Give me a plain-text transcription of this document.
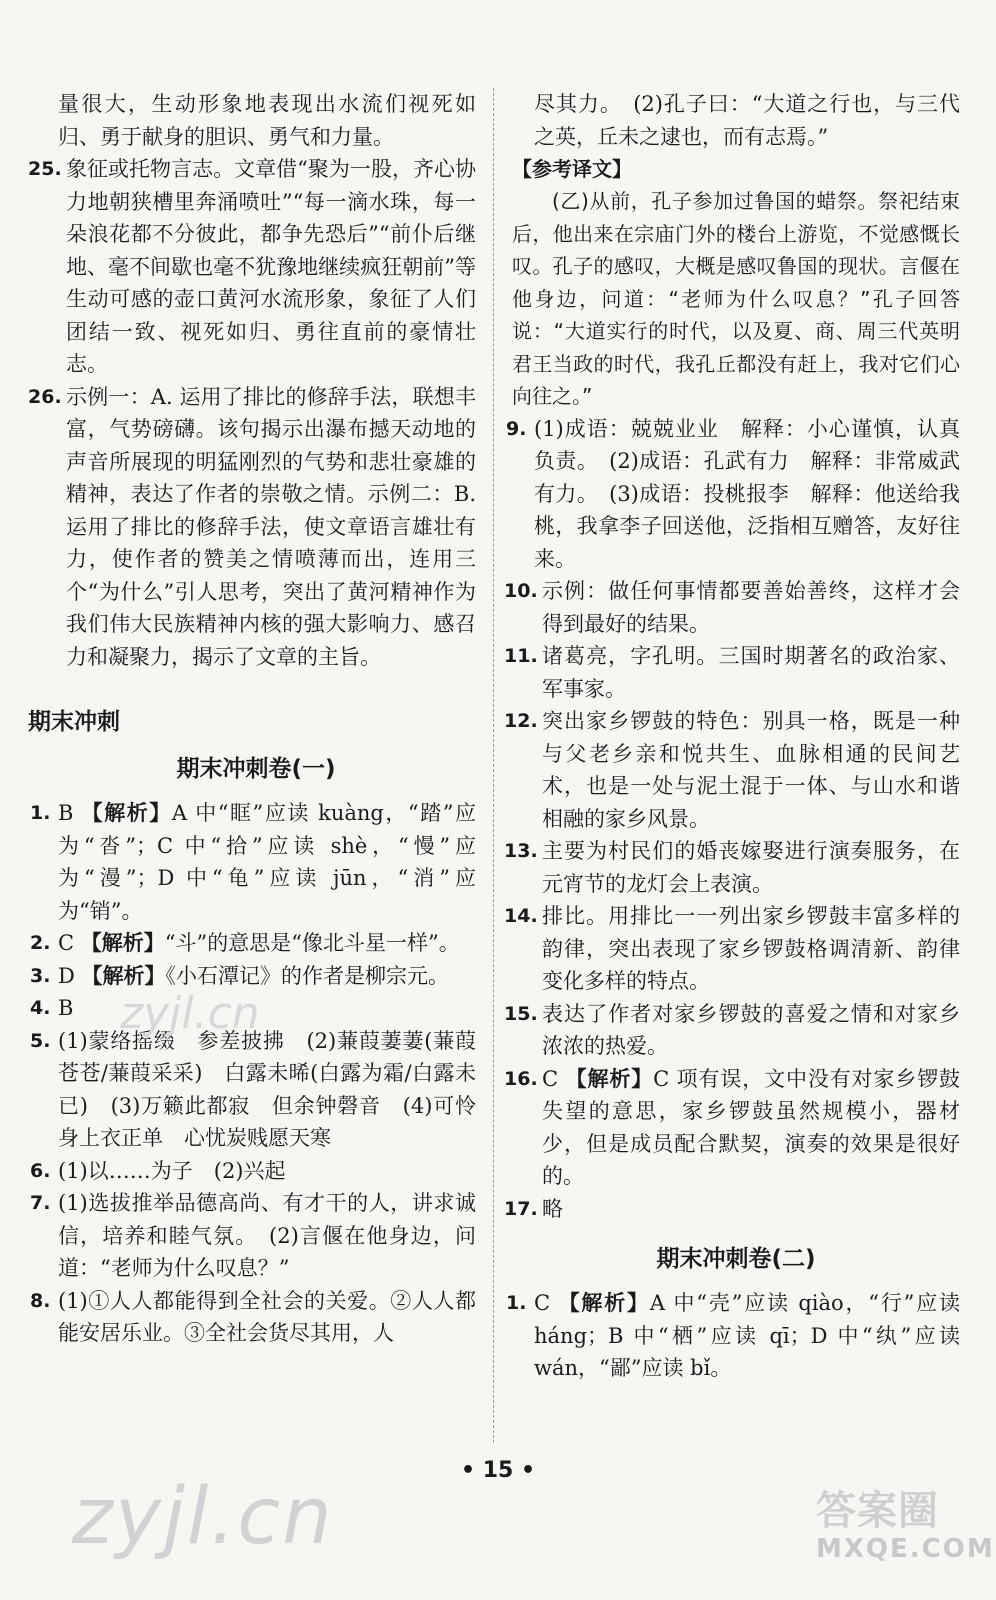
量很大，生动形象地表现出水流们视死如归、勇于献身的胆识、勇气和力量。

25. 象征或托物言志。文章借“聚为一股，齐心协力地朝狭槽里奔涌喷吐”“每一滴水珠，每一朵浪花都不分彼此，都争先恐后”“前仆后继地、毫不间歇也毫不犹豫地继续疯狂朝前”等生动可感的壶口黄河水流形象，象征了人们团结一致、视死如归、勇往直前的豪情壮志。
26. 示例一：A. 运用了排比的修辞手法，联想丰富，气势磅礴。该句揭示出瀑布撼天动地的声音所展现的明猛刚烈的气势和悲壮豪雄的精神，表达了作者的崇敬之情。示例二：B. 运用了排比的修辞手法，使文章语言雄壮有力，使作者的赞美之情喷薄而出，连用三个“为什么”引人思考，突出了黄河精神作为我们伟大民族精神内核的强大影响力、感召力和凝聚力，揭示了文章的主旨。
期末冲刺
期末冲刺卷(一)
1. B 【解析】A 中“眶”应读 kuàng，“踏”应为“沓”；C 中“拾”应读 shè，“慢”应为“漫”；D 中“龟”应读 jūn，“消”应为“销”。
2. C 【解析】“斗”的意思是“像北斗星一样”。
3. D 【解析】《小石潭记》的作者是柳宗元。
4. B
5. (1)蒙络摇缀　参差披拂　(2)蒹葭萋萋(蒹葭苍苍/蒹葭采采)　白露未晞(白露为霜/白露未已)　(3)万籁此都寂　但余钟磬音　(4)可怜身上衣正单　心忧炭贱愿天寒
6. (1)以……为子　(2)兴起
7. (1)选拔推举品德高尚、有才干的人，讲求诚信，培养和睦气氛。　(2)言偃在他身边，问道：“老师为什么叹息？”
8. (1)①人人都能得到全社会的关爱。②人人都能安居乐业。③全社会货尽其用，人

尽其力。　(2)孔子曰：“大道之行也，与三代之英，丘未之逮也，而有志焉。”

【参考译文】

(乙)从前，孔子参加过鲁国的蜡祭。祭祀结束后，他出来在宗庙门外的楼台上游览，不觉感慨长叹。孔子的感叹，大概是感叹鲁国的现状。言偃在他身边，问道：“老师为什么叹息？”孔子回答说：“大道实行的时代，以及夏、商、周三代英明君王当政的时代，我孔丘都没有赶上，我对它们心向往之。”

9. (1)成语：兢兢业业　解释：小心谨慎，认真负责。　(2)成语：孔武有力　解释：非常威武有力。　(3)成语：投桃报李　解释：他送给我桃，我拿李子回送他，泛指相互赠答，友好往来。
10. 示例：做任何事情都要善始善终，这样才会得到最好的结果。
11. 诸葛亮，字孔明。三国时期著名的政治家、军事家。
12. 突出家乡锣鼓的特色：别具一格，既是一种与父老乡亲和悦共生、血脉相通的民间艺术，也是一处与泥土混于一体、与山水和谐相融的家乡风景。
13. 主要为村民们的婚丧嫁娶进行演奏服务，在元宵节的龙灯会上表演。
14. 排比。用排比一一列出家乡锣鼓丰富多样的韵律，突出表现了家乡锣鼓格调清新、韵律变化多样的特点。
15. 表达了作者对家乡锣鼓的喜爱之情和对家乡浓浓的热爱。
16. C 【解析】C 项有误，文中没有对家乡锣鼓失望的意思，家乡锣鼓虽然规模小，器材少，但是成员配合默契，演奏的效果是很好的。
17. 略
期末冲刺卷(二)
1. C 【解析】A 中“壳”应读 qiào，“行”应读 háng；B 中“栖”应读 qī；D 中“纨”应读 wán，“鄙”应读 bǐ。
zyjl.cn
• 15 •
zyjl.cn	答案圈
MXQE.COM
